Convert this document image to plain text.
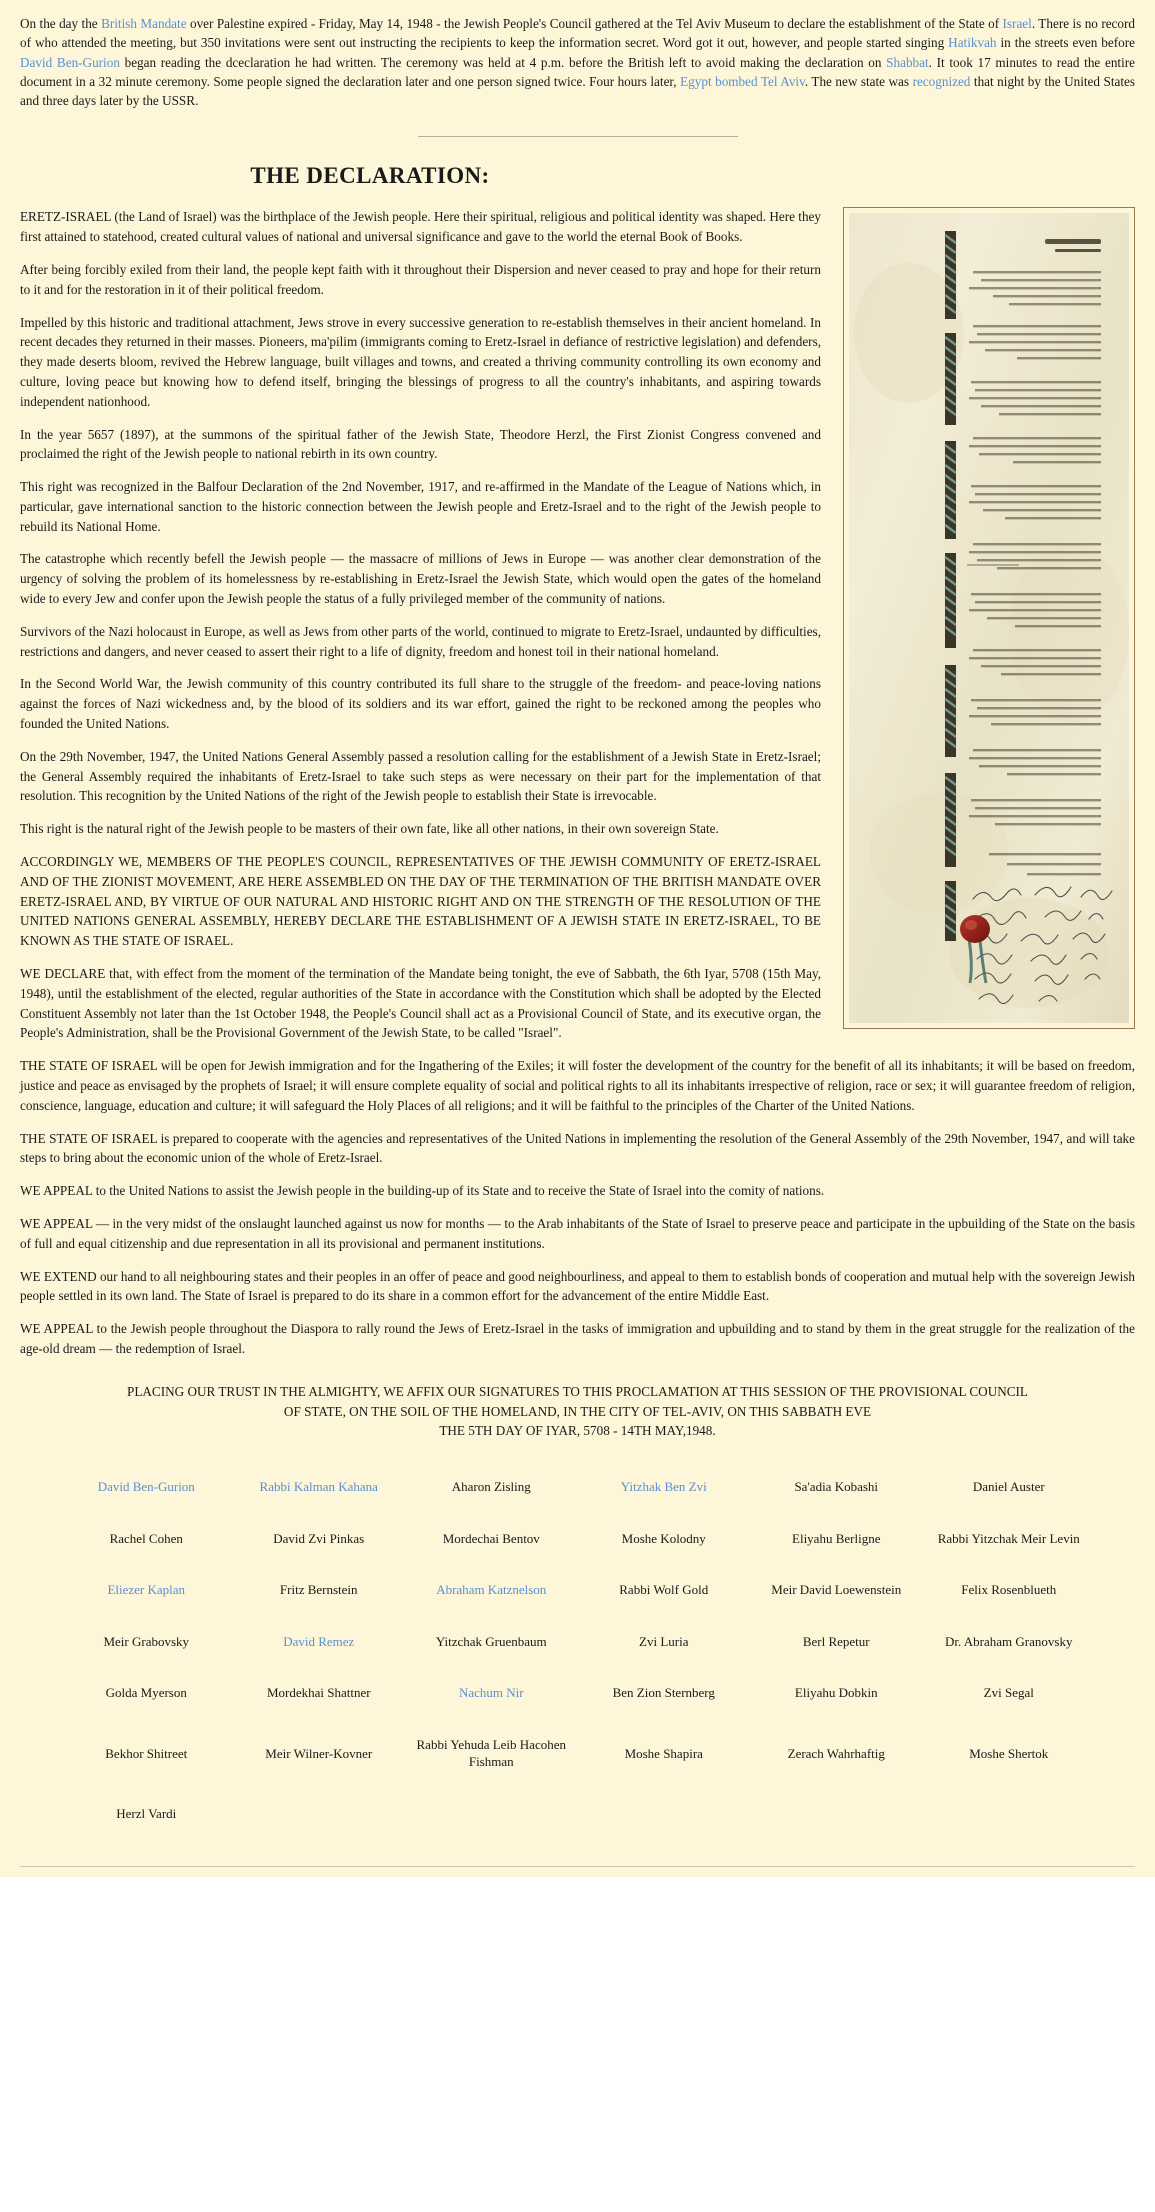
On the day the British Mandate over Palestine expired - Friday, May 14, 1948 - the Jewish People's Council gathered at the Tel Aviv Museum to declare the establishment of the State of Israel. There is no record of who attended the meeting, but 350 invitations were sent out instructing the recipients to keep the information secret. Word got it out, however, and people started singing Hatikvah in the streets even before David Ben-Gurion began reading the dceclaration he had written. The ceremony was held at 4 p.m. before the British left to avoid making the declaration on Shabbat. It took 17 minutes to read the entire document in a 32 minute ceremony. Some people signed the declaration later and one person signed twice. Four hours later, Egypt bombed Tel Aviv. The new state was recognized that night by the United States and three days later by the USSR.

THE DECLARATION:

ERETZ-ISRAEL (the Land of Israel) was the birthplace of the Jewish people. Here their spiritual, religious and political identity was shaped. Here they first attained to statehood, created cultural values of national and universal significance and gave to the world the eternal Book of Books.

After being forcibly exiled from their land, the people kept faith with it throughout their Dispersion and never ceased to pray and hope for their return to it and for the restoration in it of their political freedom.

Impelled by this historic and traditional attachment, Jews strove in every successive generation to re-establish themselves in their ancient homeland. In recent decades they returned in their masses. Pioneers, ma'pilim (immigrants coming to Eretz-Israel in defiance of restrictive legislation) and defenders, they made deserts bloom, revived the Hebrew language, built villages and towns, and created a thriving community controlling its own economy and culture, loving peace but knowing how to defend itself, bringing the blessings of progress to all the country's inhabitants, and aspiring towards independent nationhood.

In the year 5657 (1897), at the summons of the spiritual father of the Jewish State, Theodore Herzl, the First Zionist Congress convened and proclaimed the right of the Jewish people to national rebirth in its own country.

This right was recognized in the Balfour Declaration of the 2nd November, 1917, and re-affirmed in the Mandate of the League of Nations which, in particular, gave international sanction to the historic connection between the Jewish people and Eretz-Israel and to the right of the Jewish people to rebuild its National Home.

The catastrophe which recently befell the Jewish people — the massacre of millions of Jews in Europe — was another clear demonstration of the urgency of solving the problem of its homelessness by re-establishing in Eretz-Israel the Jewish State, which would open the gates of the homeland wide to every Jew and confer upon the Jewish people the status of a fully privileged member of the community of nations.

Survivors of the Nazi holocaust in Europe, as well as Jews from other parts of the world, continued to migrate to Eretz-Israel, undaunted by difficulties, restrictions and dangers, and never ceased to assert their right to a life of dignity, freedom and honest toil in their national homeland.

In the Second World War, the Jewish community of this country contributed its full share to the struggle of the freedom- and peace-loving nations against the forces of Nazi wickedness and, by the blood of its soldiers and its war effort, gained the right to be reckoned among the peoples who founded the United Nations.

On the 29th November, 1947, the United Nations General Assembly passed a resolution calling for the establishment of a Jewish State in Eretz-Israel; the General Assembly required the inhabitants of Eretz-Israel to take such steps as were necessary on their part for the implementation of that resolution. This recognition by the United Nations of the right of the Jewish people to establish their State is irrevocable.

This right is the natural right of the Jewish people to be masters of their own fate, like all other nations, in their own sovereign State.

ACCORDINGLY WE, MEMBERS OF THE PEOPLE'S COUNCIL, REPRESENTATIVES OF THE JEWISH COMMUNITY OF ERETZ-ISRAEL AND OF THE ZIONIST MOVEMENT, ARE HERE ASSEMBLED ON THE DAY OF THE TERMINATION OF THE BRITISH MANDATE OVER ERETZ-ISRAEL AND, BY VIRTUE OF OUR NATURAL AND HISTORIC RIGHT AND ON THE STRENGTH OF THE RESOLUTION OF THE UNITED NATIONS GENERAL ASSEMBLY, HEREBY DECLARE THE ESTABLISHMENT OF A JEWISH STATE IN ERETZ-ISRAEL, TO BE KNOWN AS THE STATE OF ISRAEL.

WE DECLARE that, with effect from the moment of the termination of the Mandate being tonight, the eve of Sabbath, the 6th Iyar, 5708 (15th May, 1948), until the establishment of the elected, regular authorities of the State in accordance with the Constitution which shall be adopted by the Elected Constituent Assembly not later than the 1st October 1948, the People's Council shall act as a Provisional Council of State, and its executive organ, the People's Administration, shall be the Provisional Government of the Jewish State, to be called "Israel".

THE STATE OF ISRAEL will be open for Jewish immigration and for the Ingathering of the Exiles; it will foster the development of the country for the benefit of all its inhabitants; it will be based on freedom, justice and peace as envisaged by the prophets of Israel; it will ensure complete equality of social and political rights to all its inhabitants irrespective of religion, race or sex; it will guarantee freedom of religion, conscience, language, education and culture; it will safeguard the Holy Places of all religions; and it will be faithful to the principles of the Charter of the United Nations.

THE STATE OF ISRAEL is prepared to cooperate with the agencies and representatives of the United Nations in implementing the resolution of the General Assembly of the 29th November, 1947, and will take steps to bring about the economic union of the whole of Eretz-Israel.

WE APPEAL to the United Nations to assist the Jewish people in the building-up of its State and to receive the State of Israel into the comity of nations.

WE APPEAL — in the very midst of the onslaught launched against us now for months — to the Arab inhabitants of the State of Israel to preserve peace and participate in the upbuilding of the State on the basis of full and equal citizenship and due representation in all its provisional and permanent institutions.

WE EXTEND our hand to all neighbouring states and their peoples in an offer of peace and good neighbourliness, and appeal to them to establish bonds of cooperation and mutual help with the sovereign Jewish people settled in its own land. The State of Israel is prepared to do its share in a common effort for the advancement of the entire Middle East.

WE APPEAL to the Jewish people throughout the Diaspora to rally round the Jews of Eretz-Israel in the tasks of immigration and upbuilding and to stand by them in the great struggle for the realization of the age-old dream — the redemption of Israel.

PLACING OUR TRUST IN THE ALMIGHTY, WE AFFIX OUR SIGNATURES TO THIS PROCLAMATION AT THIS SESSION OF THE PROVISIONAL COUNCIL
OF STATE, ON THE SOIL OF THE HOMELAND, IN THE CITY OF TEL-AVIV, ON THIS SABBATH EVE
THE 5TH DAY OF IYAR, 5708 - 14TH MAY,1948.
David Ben-Gurion	Rabbi Kalman Kahana	Aharon Zisling	Yitzhak Ben Zvi	Sa'adia Kobashi	Daniel Auster
Rachel Cohen	David Zvi Pinkas	Mordechai Bentov	Moshe Kolodny	Eliyahu Berligne	Rabbi Yitzchak Meir Levin
Eliezer Kaplan	Fritz Bernstein	Abraham Katznelson	Rabbi Wolf Gold	Meir David Loewenstein	Felix Rosenblueth
Meir Grabovsky	David Remez	Yitzchak Gruenbaum	Zvi Luria	Berl Repetur	Dr. Abraham Granovsky
Golda Myerson	Mordekhai Shattner	Nachum Nir	Ben Zion Sternberg	Eliyahu Dobkin	Zvi Segal
Bekhor Shitreet	Meir Wilner-Kovner	Rabbi Yehuda Leib Hacohen Fishman	Moshe Shapira	Zerach Wahrhaftig	Moshe Shertok
Herzl Vardi					
